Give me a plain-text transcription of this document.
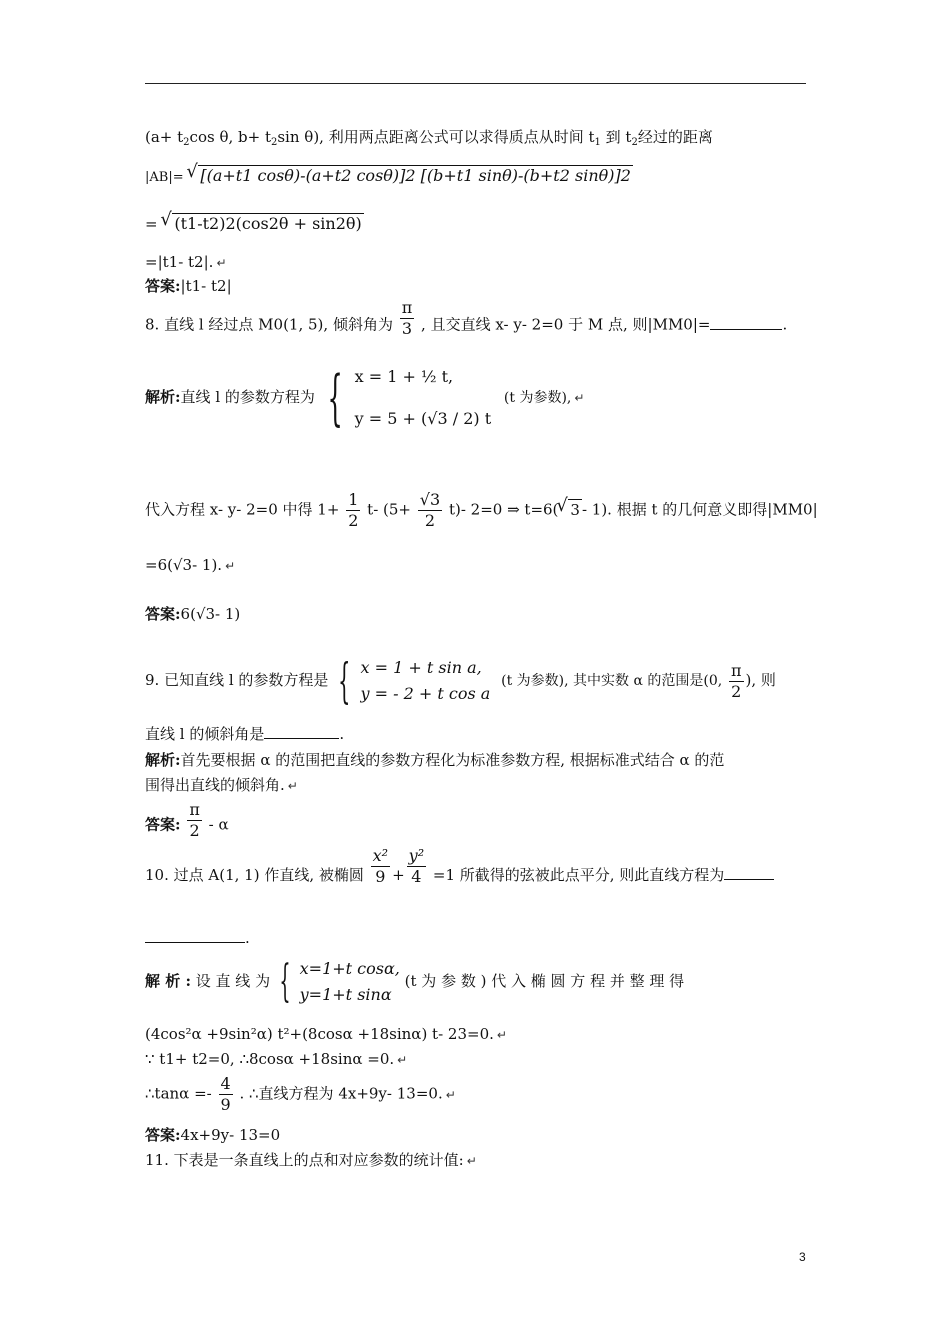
($a+ t_2\cos$ θ, $b+ t_2\sin$ θ), 利用两点距离公式可以求得质点从时间 $t_1$ 到 $t_2$经过的距离
|AB|= √ [(a+t1 cosθ)-(a+t2 cosθ)]2 [(b+t1 sinθ)-(b+t2 sinθ)]2
= √ (t1-t2)2(cos2θ + sin2θ)
=|t1- t2|. ↵
答案:|t1- t2|
8. 直线 l 经过点 M0(1, 5), 倾斜角为 $\frac{\pi}{3}$ , 且交直线 x- y- 2=0 于 M 点, 则|MM0|=	.
解析:直线 l 的参数方程为 { x = 1 + ½ t,
y = 5 + (√3 / 2) t
(t 为参数), ↵
代入方程 x- y- 2=0 中得 $1+ \frac{1}{2} t-$ $(5+ \frac{√3}{2} t)-$ 2=0 ⇒ t=6( √ 3 - 1). 根据 t 的几何意义即得|MM0|
=6(√3- 1). ↵
答案:6(√3- 1)
9. 已知直线 l 的参数方程是 { x = 1 + t sin a,
y = - 2 + t cos a
(t 为参数), 其中实数 α 的范围是(0, $\frac{\pi}{2}$ ), 则
直线 l 的倾斜角是	.
解析:首先要根据 α 的范围把直线的参数方程化为标准参数方程, 根据标准式结合 α 的范
围得出直线的倾斜角. ↵
答案: $\frac{\pi}{2}$ - α
10. 过点 A(1, 1) 作直线, 被椭圆 $\frac{\text{x²}}{9} + \frac{\text{y²}}{4} =1$ 所截得的弦被此点平分, 则此直线方程为
.
解 析 : 设 直 线 为 { x=1+t cosα,
y=1+t sinα
(t 为 参 数 ) 代 入 椭 圆 方 程 并 整 理 得
(4cos²α +9sin²α) t²+(8cosα +18sinα) t- 23=0. ↵
∵ t1+ t2=0, ∴8cosα +18sinα =0. ↵
∴tanα =- $\frac{4}{9}$ . ∴直线方程为 4x+9y- 13=0. ↵
答案:4x+9y- 13=0
11. 下表是一条直线上的点和对应参数的统计值: ↵
3
